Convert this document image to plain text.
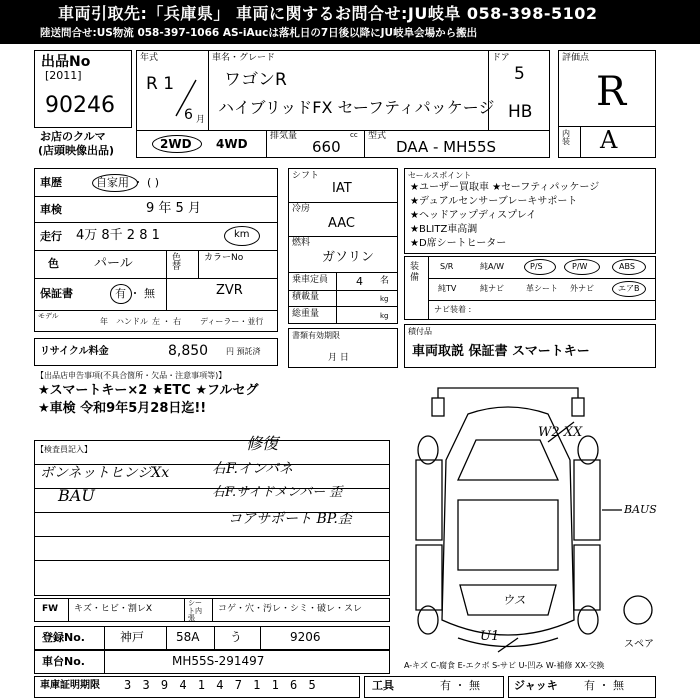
車両引取先:「兵庫県」 車両に関するお問合せ:JU岐阜 058-398-5102
陸送問合せ:US物流 058-397-1066 AS-iAucは落札日の7日後以降にJU岐阜会場から搬出
出品No
[2011]
90246
お店のクルマ
(店頭映像出品)
年式
R 1
6 月
車名・グレード
ワゴンR
ハイブリッドFX セーフティパッケージ
ドア
5
HB
2WD 4WD
排気量
660
cc 型式
DAA - MH55S
評価点
R
内装 A
車歴	自家用 ・ ( )
車検	9 年 5 月
走行 4万 8千 2 8 1	km
色	パール	色替
カラーNo
ZVR
保証書	有 ・ 無
モデル
年 ハンドル 左 ・ 右 ディーラー・並行
シフト
IAT
冷房
AAC
燃料
ガソリン
乗車定員	4 名
積載量	kg
総重量	kg
書類有効期限
月 日
セールスポイント
★ユーザー買取車 ★セーフティパッケージ
★デュアルセンサーブレーキサポート
★ヘッドアップディスプレイ
★BLITZ車高調
★D席シートヒーター
装備
S/R	純A/W	P/S	P/W	ABS
純TV	純ナビ	革シート 外ナビ	エアB
ナビ装着 :
リサイクル料金	8,850 円 預託済
積付品
車両取説 保証書 スマートキー
【出品店申告事項(不具合箇所・欠品・注意事項等)】
★スマートキー×2 ★ETC ★フルセグ
★車検 令和9年5月28日迄!!
【検査員記入】	修復
ボンネットヒンジXx	右F.インパネ
BAU	右F.サイドメンバー 歪
コアサポート BP.歪
FW キズ・ヒビ・割レX
シート内張
コゲ・穴・汚レ・シミ・破レ・スレ
登録No.	神戸	58A	う	9206
車台No.	MH55S-291497
車庫証明期限 3 3 9 4 1 4 7 1 1 6 5	工具	有 ・ 無	ジャッキ 有 ・ 無
W2 XX
BAUS
U1
ウス
スペア
A-キズ C-腐食 E-エクボ S-サビ U-凹み W-補修 XX-交換
